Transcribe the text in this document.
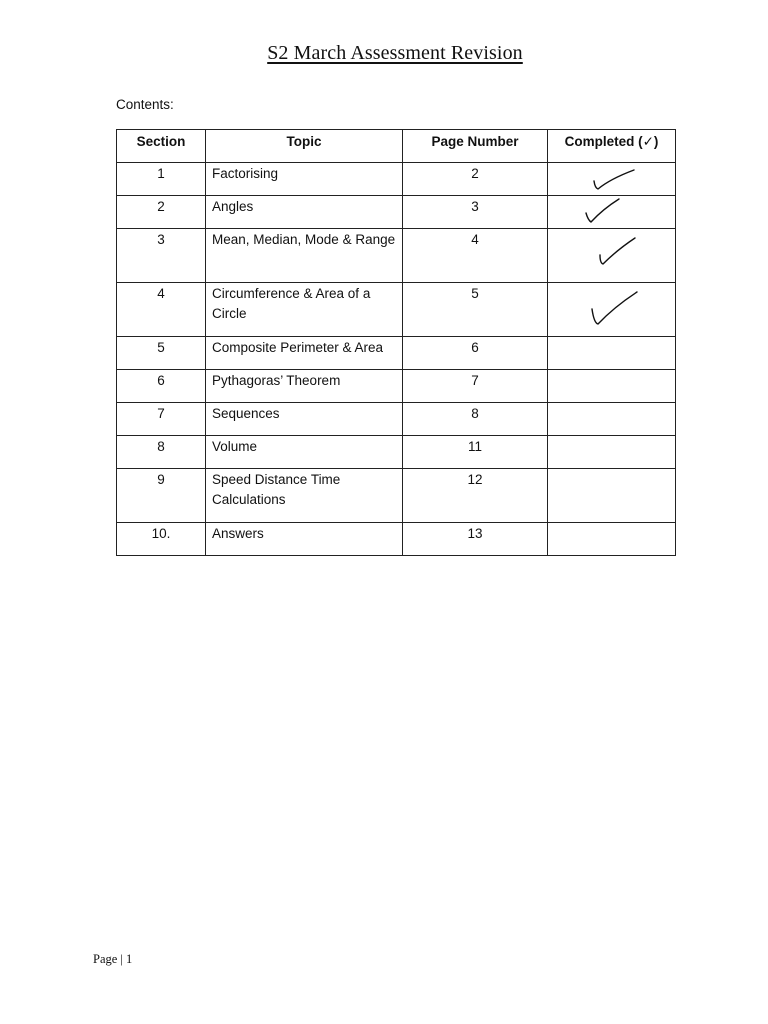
S2 March Assessment Revision
Contents:
Section	Topic	Page Number	Completed (✓)
1	Factorising	2	

2	Angles	3	

3	Mean, Median, Mode & Range	4	

4	Circumference & Area of a Circle	5	

5	Composite Perimeter & Area	6	
6	Pythagoras’ Theorem	7	
7	Sequences	8	
8	Volume	11	
9	Speed Distance Time Calculations	12	
10.	Answers	13	
Page | 1
